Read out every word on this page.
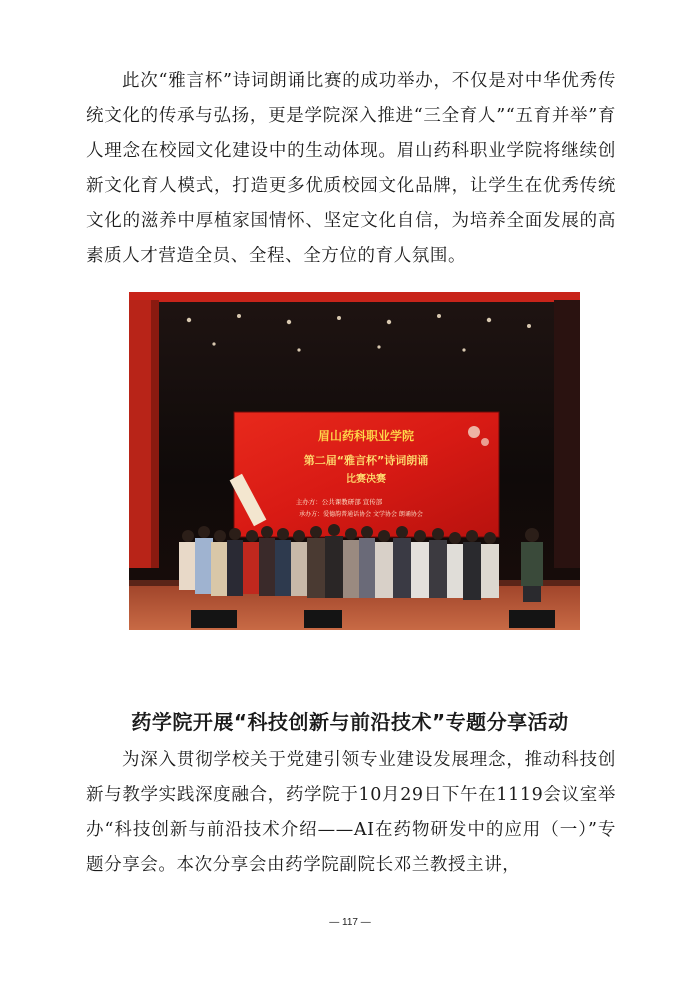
此次“雅言杯”诗词朗诵比赛的成功举办，不仅是对中华优秀传统文化的传承与弘扬，更是学院深入推进“三全育人”“五育并举”育人理念在校园文化建设中的生动体现。眉山药科职业学院将继续创新文化育人模式，打造更多优质校园文化品牌，让学生在优秀传统文化的滋养中厚植家国情怀、坚定文化自信，为培养全面发展的高素质人才营造全员、全程、全方位的育人氛围。

眉山药科职业学院
第二届“雅言杯”诗词朗诵
比赛决赛
主办方：公共课教研部 宣传部
承办方：爱德韵普通话协会 文学协会 朗诵协会
药学院开展“科技创新与前沿技术”专题分享活动

为深入贯彻学校关于党建引领专业建设发展理念，推动科技创新与教学实践深度融合，药学院于10月29日下午在1119会议室举办“科技创新与前沿技术介绍——AI在药物研发中的应用（一）”专题分享会。本次分享会由药学院副院长邓兰教授主讲，

— 117 —
